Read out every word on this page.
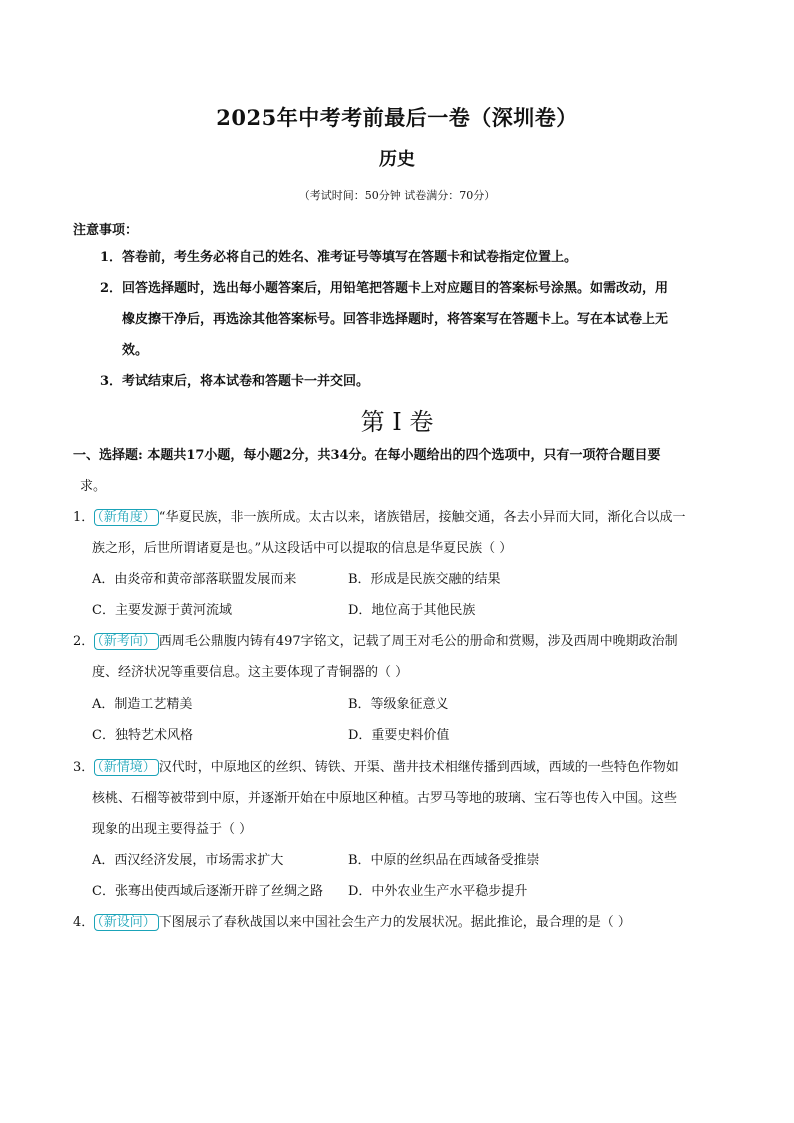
2025年中考考前最后一卷（深圳卷）
历史
（考试时间：50分钟 试卷满分：70分）
注意事项：
1．答卷前，考生务必将自己的姓名、准考证号等填写在答题卡和试卷指定位置上。
2．回答选择题时，选出每小题答案后，用铅笔把答题卡上对应题目的答案标号涂黑。如需改动，用
橡皮擦干净后，再选涂其他答案标号。回答非选择题时，将答案写在答题卡上。写在本试卷上无
效。
3．考试结束后，将本试卷和答题卡一并交回。
第 I 卷
一、选择题: 本题共17小题，每小题2分，共34分。在每小题给出的四个选项中，只有一项符合题目要
求。
1． （新角度） “华夏民族，非一族所成。太古以来，诸族错居，接触交通，各去小异而大同，渐化合以成一
族之形，后世所谓诸夏是也。”从这段话中可以提取的信息是华夏民族（ ）
A．由炎帝和黄帝部落联盟发展而来	B．形成是民族交融的结果
C．主要发源于黄河流域	D．地位高于其他民族
2． （新考向） 西周毛公鼎腹内铸有497字铭文，记载了周王对毛公的册命和赏赐，涉及西周中晚期政治制
度、经济状况等重要信息。这主要体现了青铜器的（ ）
A．制造工艺精美	B．等级象征意义
C．独特艺术风格	D．重要史料价值
3． （新情境） 汉代时，中原地区的丝织、铸铁、开渠、凿井技术相继传播到西域，西域的一些特色作物如
核桃、石榴等被带到中原，并逐渐开始在中原地区种植。古罗马等地的玻璃、宝石等也传入中国。这些
现象的出现主要得益于（ ）
A．西汉经济发展，市场需求扩大	B．中原的丝织品在西域备受推崇
C．张骞出使西域后逐渐开辟了丝绸之路	D．中外农业生产水平稳步提升
4． （新设问） 下图展示了春秋战国以来中国社会生产力的发展状况。据此推论，最合理的是（ ）
